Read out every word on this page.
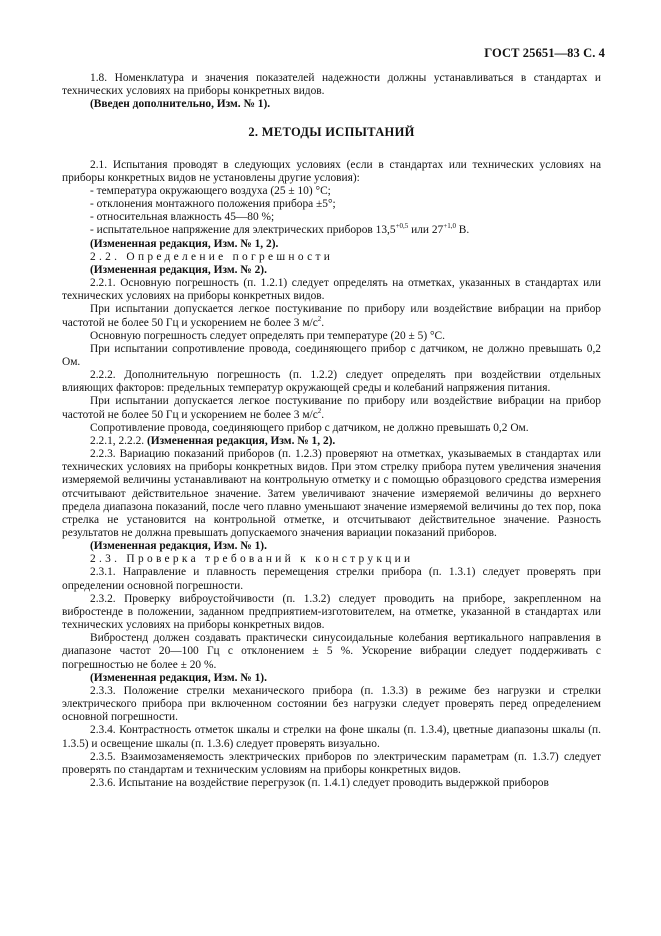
ГОСТ 25651—83 С. 4

1.8. Номенклатура и значения показателей надежности должны устанавливаться в стандартах и технических условиях на приборы конкретных видов.

(Введен дополнительно, Изм. № 1).

2. МЕТОДЫ ИСПЫТАНИЙ

2.1. Испытания проводят в следующих условиях (если в стандартах или технических условиях на приборы конкретных видов не установлены другие условия):

- температура окружающего воздуха (25 ± 10) °С;

- отклонения монтажного положения прибора ±5°;

- относительная влажность 45—80 %;

- испытательное напряжение для электрических приборов $13,5^{+0,5}$ или $27^{+1,0}$ В.

(Измененная редакция, Изм. № 1, 2).

2.2. Определение погрешности

(Измененная редакция, Изм. № 2).

2.2.1. Основную погрешность (п. 1.2.1) следует определять на отметках, указанных в стандартах или технических условиях на приборы конкретных видов.

При испытании допускается легкое постукивание по прибору или воздействие вибрации на прибор частотой не более 50 Гц и ускорением не более 3 $м/с^2$.

Основную погрешность следует определять при температуре (20 ± 5) °С.

При испытании сопротивление провода, соединяющего прибор с датчиком, не должно превышать 0,2 Ом.

2.2.2. Дополнительную погрешность (п. 1.2.2) следует определять при воздействии отдельных влияющих факторов: предельных температур окружающей среды и колебаний напряжения питания.

При испытании допускается легкое постукивание по прибору или воздействие вибрации на прибор частотой не более 50 Гц и ускорением не более 3 $м/с^2$.

Сопротивление провода, соединяющего прибор с датчиком, не должно превышать 0,2 Ом.

2.2.1, 2.2.2. (Измененная редакция, Изм. № 1, 2).

2.2.3. Вариацию показаний приборов (п. 1.2.3) проверяют на отметках, указываемых в стандартах или технических условиях на приборы конкретных видов. При этом стрелку прибора путем увеличения значения измеряемой величины устанавливают на контрольную отметку и с помощью образцового средства измерения отсчитывают действительное значение. Затем увеличивают значение измеряемой величины до верхнего предела диапазона показаний, после чего плавно уменьшают значение измеряемой величины до тех пор, пока стрелка не установится на контрольной отметке, и отсчитывают действительное значение. Разность результатов не должна превышать допускаемого значения вариации показаний приборов.

(Измененная редакция, Изм. № 1).

2.3. Проверка требований к конструкции

2.3.1. Направление и плавность перемещения стрелки прибора (п. 1.3.1) следует проверять при определении основной погрешности.

2.3.2. Проверку виброустойчивости (п. 1.3.2) следует проводить на приборе, закрепленном на вибростенде в положении, заданном предприятием-изготовителем, на отметке, указанной в стандартах или технических условиях на приборы конкретных видов.

Вибростенд должен создавать практически синусоидальные колебания вертикального направления в диапазоне частот 20—100 Гц с отклонением ± 5 %. Ускорение вибрации следует поддерживать с погрешностью не более ± 20 %.

(Измененная редакция, Изм. № 1).

2.3.3. Положение стрелки механического прибора (п. 1.3.3) в режиме без нагрузки и стрелки электрического прибора при включенном состоянии без нагрузки следует проверять перед определением основной погрешности.

2.3.4. Контрастность отметок шкалы и стрелки на фоне шкалы (п. 1.3.4), цветные диапазоны шкалы (п. 1.3.5) и освещение шкалы (п. 1.3.6) следует проверять визуально.

2.3.5. Взаимозаменяемость электрических приборов по электрическим параметрам (п. 1.3.7) следует проверять по стандартам и техническим условиям на приборы конкретных видов.

2.3.6. Испытание на воздействие перегрузок (п. 1.4.1) следует проводить выдержкой приборов
